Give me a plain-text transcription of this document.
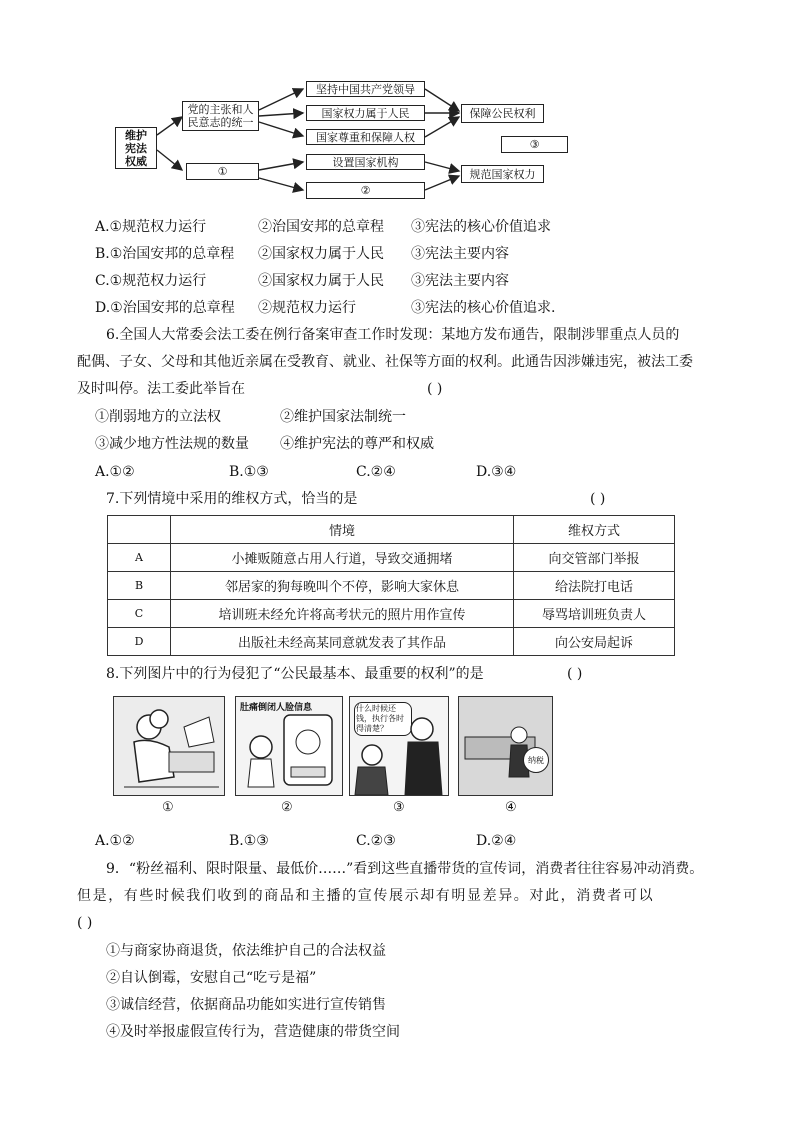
维护
宪法
权威
党的主张和人
民意志的统一
①
坚持中国共产党领导
国家权力属于人民
国家尊重和保障人权
设置国家机构
②
保障公民权利
③
规范国家权力
A.①规范权力运行	②治国安邦的总章程 ③宪法的核心价值追求
B.①治国安邦的总章程 ②国家权力属于人民 ③宪法主要内容
C.①规范权力运行	②国家权力属于人民 ③宪法主要内容
D.①治国安邦的总章程 ②规范权力运行	③宪法的核心价值追求.
6.全国人大常委会法工委在例行备案审查工作时发现：某地方发布通告，限制涉罪重点人员的
配偶、子女、父母和其他近亲属在受教育、就业、社保等方面的权利。此通告因涉嫌违宪，被法工委
及时叫停。法工委此举旨在	( )
①削弱地方的立法权	②维护国家法制统一
③减少地方性法规的数量 ④维护宪法的尊严和权威
A.①②	B.①③	C.②④	D.③④
7.下列情境中采用的维权方式，恰当的是	( )
	情境	维权方式
A	小摊贩随意占用人行道，导致交通拥堵	向交管部门举报
B	邻居家的狗每晚叫个不停，影响大家休息	给法院打电话
C	培训班未经允许将高考状元的照片用作宣传	辱骂培训班负责人
D	出版社未经高某同意就发表了其作品	向公安局起诉
8.下列图片中的行为侵犯了“公民最基本、最重要的权利”的是	( )
①
肚痛倒闭人脸信息
②
什么时候还钱，执行各时得清楚？
③
纳税
④
A.①②	B.①③	C.②③	D.②④
9．“粉丝福利、限时限量、最低价……”看到这些直播带货的宣传词，消费者往往容易冲动消费。
但是，有些时候我们收到的商品和主播的宣传展示却有明显差异。对此，消费者可以
( )
①与商家协商退货，依法维护自己的合法权益
②自认倒霉，安慰自己“吃亏是福”
③诚信经营，依据商品功能如实进行宣传销售
④及时举报虚假宣传行为，营造健康的带货空间
